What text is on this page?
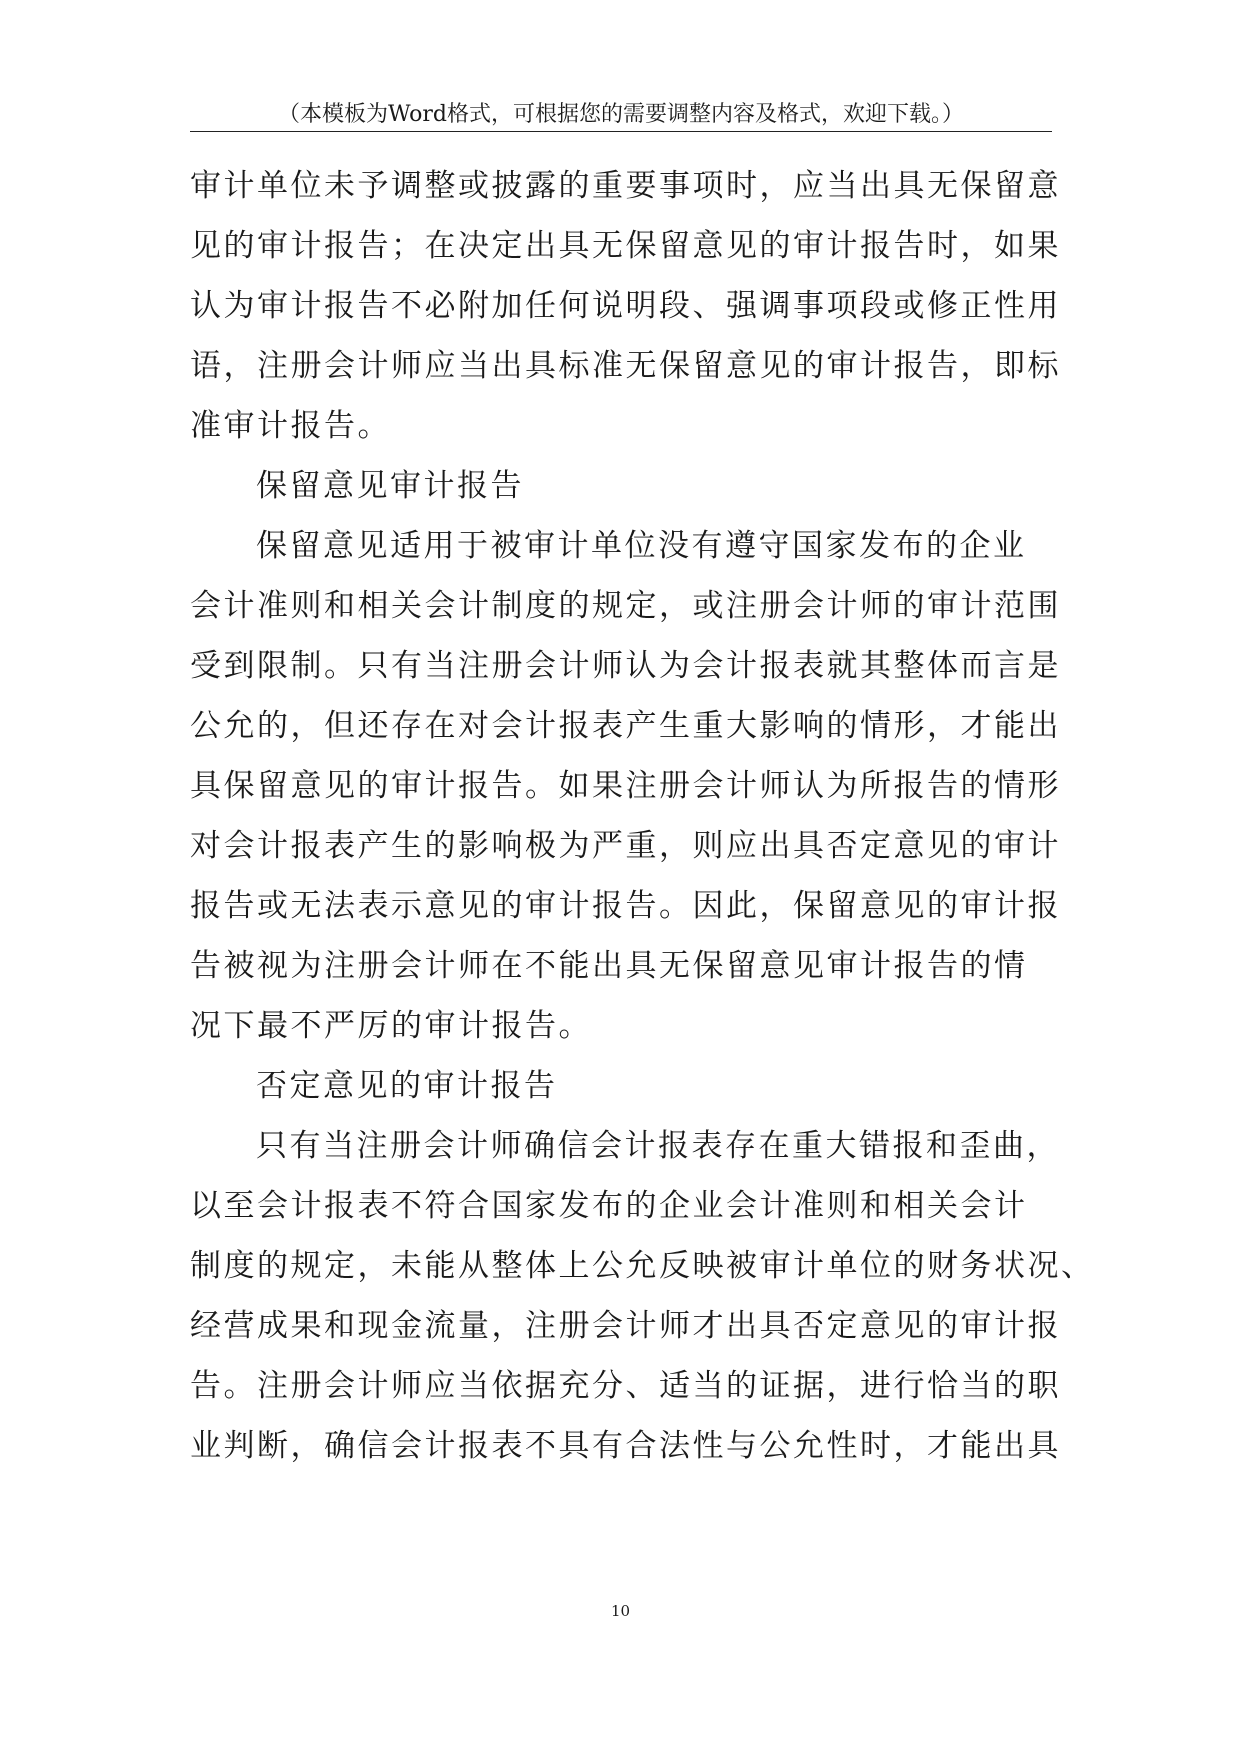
（本模板为Word格式，可根据您的需要调整内容及格式，欢迎下载。）
审计单位未予调整或披露的重要事项时，应当出具无保留意
见的审计报告；在决定出具无保留意见的审计报告时，如果
认为审计报告不必附加任何说明段、强调事项段或修正性用
语，注册会计师应当出具标准无保留意见的审计报告，即标
准审计报告。
保留意见审计报告
保留意见适用于被审计单位没有遵守国家发布的企业
会计准则和相关会计制度的规定，或注册会计师的审计范围
受到限制。只有当注册会计师认为会计报表就其整体而言是
公允的，但还存在对会计报表产生重大影响的情形，才能出
具保留意见的审计报告。如果注册会计师认为所报告的情形
对会计报表产生的影响极为严重，则应出具否定意见的审计
报告或无法表示意见的审计报告。因此，保留意见的审计报
告被视为注册会计师在不能出具无保留意见审计报告的情
况下最不严厉的审计报告。
否定意见的审计报告
只有当注册会计师确信会计报表存在重大错报和歪曲，
以至会计报表不符合国家发布的企业会计准则和相关会计
制度的规定，未能从整体上公允反映被审计单位的财务状况、
经营成果和现金流量，注册会计师才出具否定意见的审计报
告。注册会计师应当依据充分、适当的证据，进行恰当的职
业判断，确信会计报表不具有合法性与公允性时，才能出具
10
